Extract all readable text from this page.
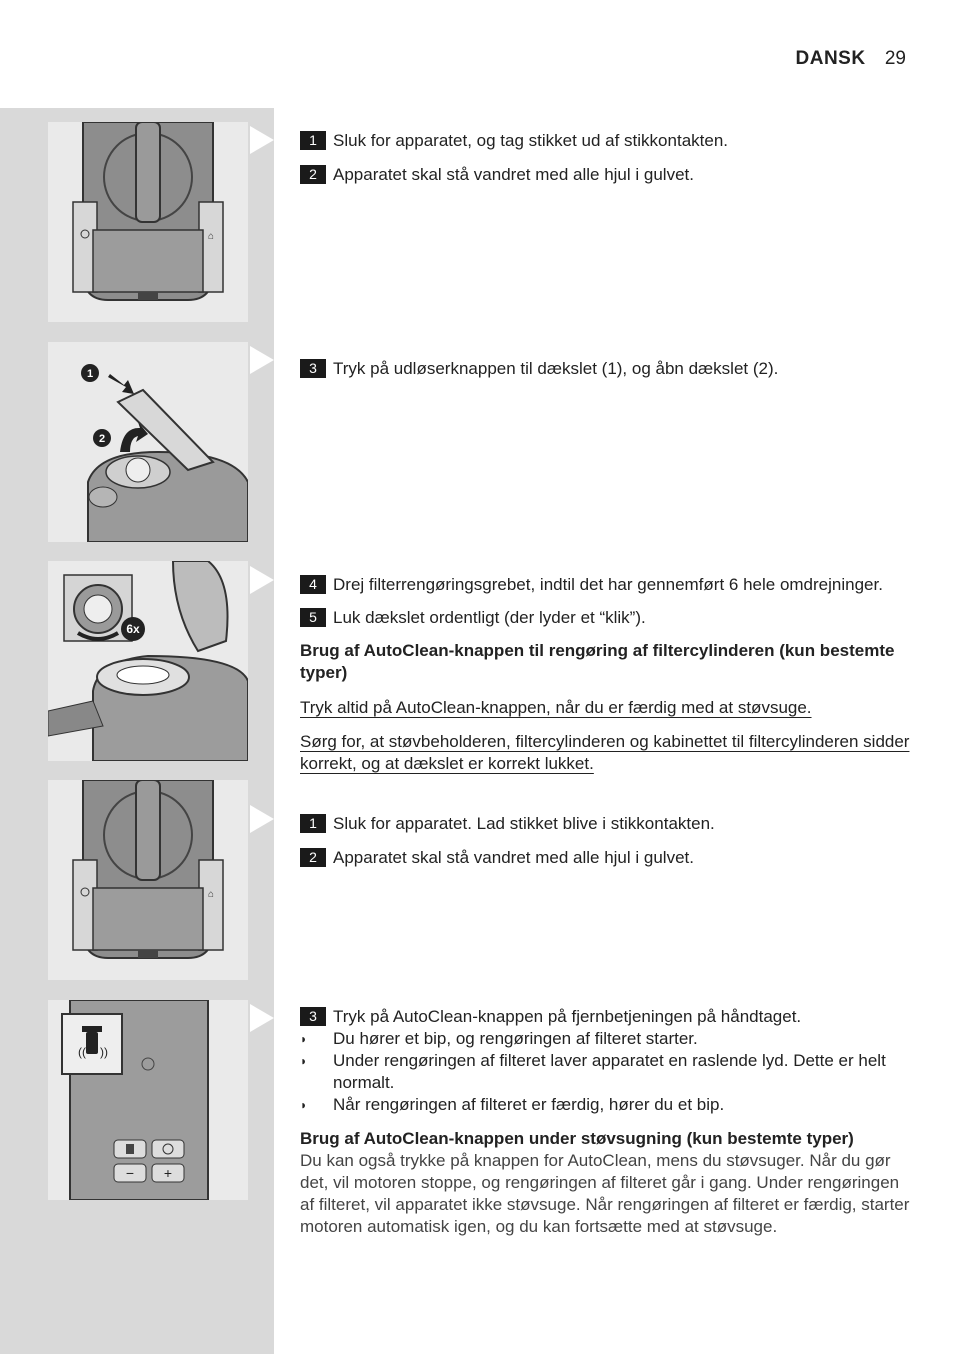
DANSK 29
⌂
1 Sluk for apparatet, og tag stikket ud af stikkontakten.
2 Apparatet skal stå vandret med alle hjul i gulvet.
1
2
3 Tryk på udløserknappen til dækslet (1), og åbn dækslet (2).
6x
4 Drej filterrengøringsgrebet, indtil det har gennemført 6 hele omdrejninger.
5 Luk dækslet ordentligt (der lyder et “klik”).
Brug af AutoClean-knappen til rengøring af filtercylinderen (kun bestemte typer)
Tryk altid på AutoClean-knappen, når du er færdig med at støvsuge.
Sørg for, at støvbeholderen, filtercylinderen og kabinettet til filtercylinderen sidder korrekt, og at dækslet er korrekt lukket.
⌂
1 Sluk for apparatet. Lad stikket blive i stikkontakten.
2 Apparatet skal stå vandret med alle hjul i gulvet.
(( ))
− +
3 Tryk på AutoClean-knappen på fjernbetjeningen på håndtaget.
◗	Du hører et bip, og rengøringen af filteret starter.
◗	Under rengøringen af filteret laver apparatet en raslende lyd. Dette er helt normalt.
◗	Når rengøringen af filteret er færdig, hører du et bip.
Brug af AutoClean-knappen under støvsugning (kun bestemte typer)
Du kan også trykke på knappen for AutoClean, mens du støvsuger. Når du gør det, vil motoren stoppe, og rengøringen af filteret går i gang. Under rengøringen af filteret, vil apparatet ikke støvsuge. Når rengøringen af filteret er færdig, starter motoren automatisk igen, og du kan fortsætte med at støvsuge.
